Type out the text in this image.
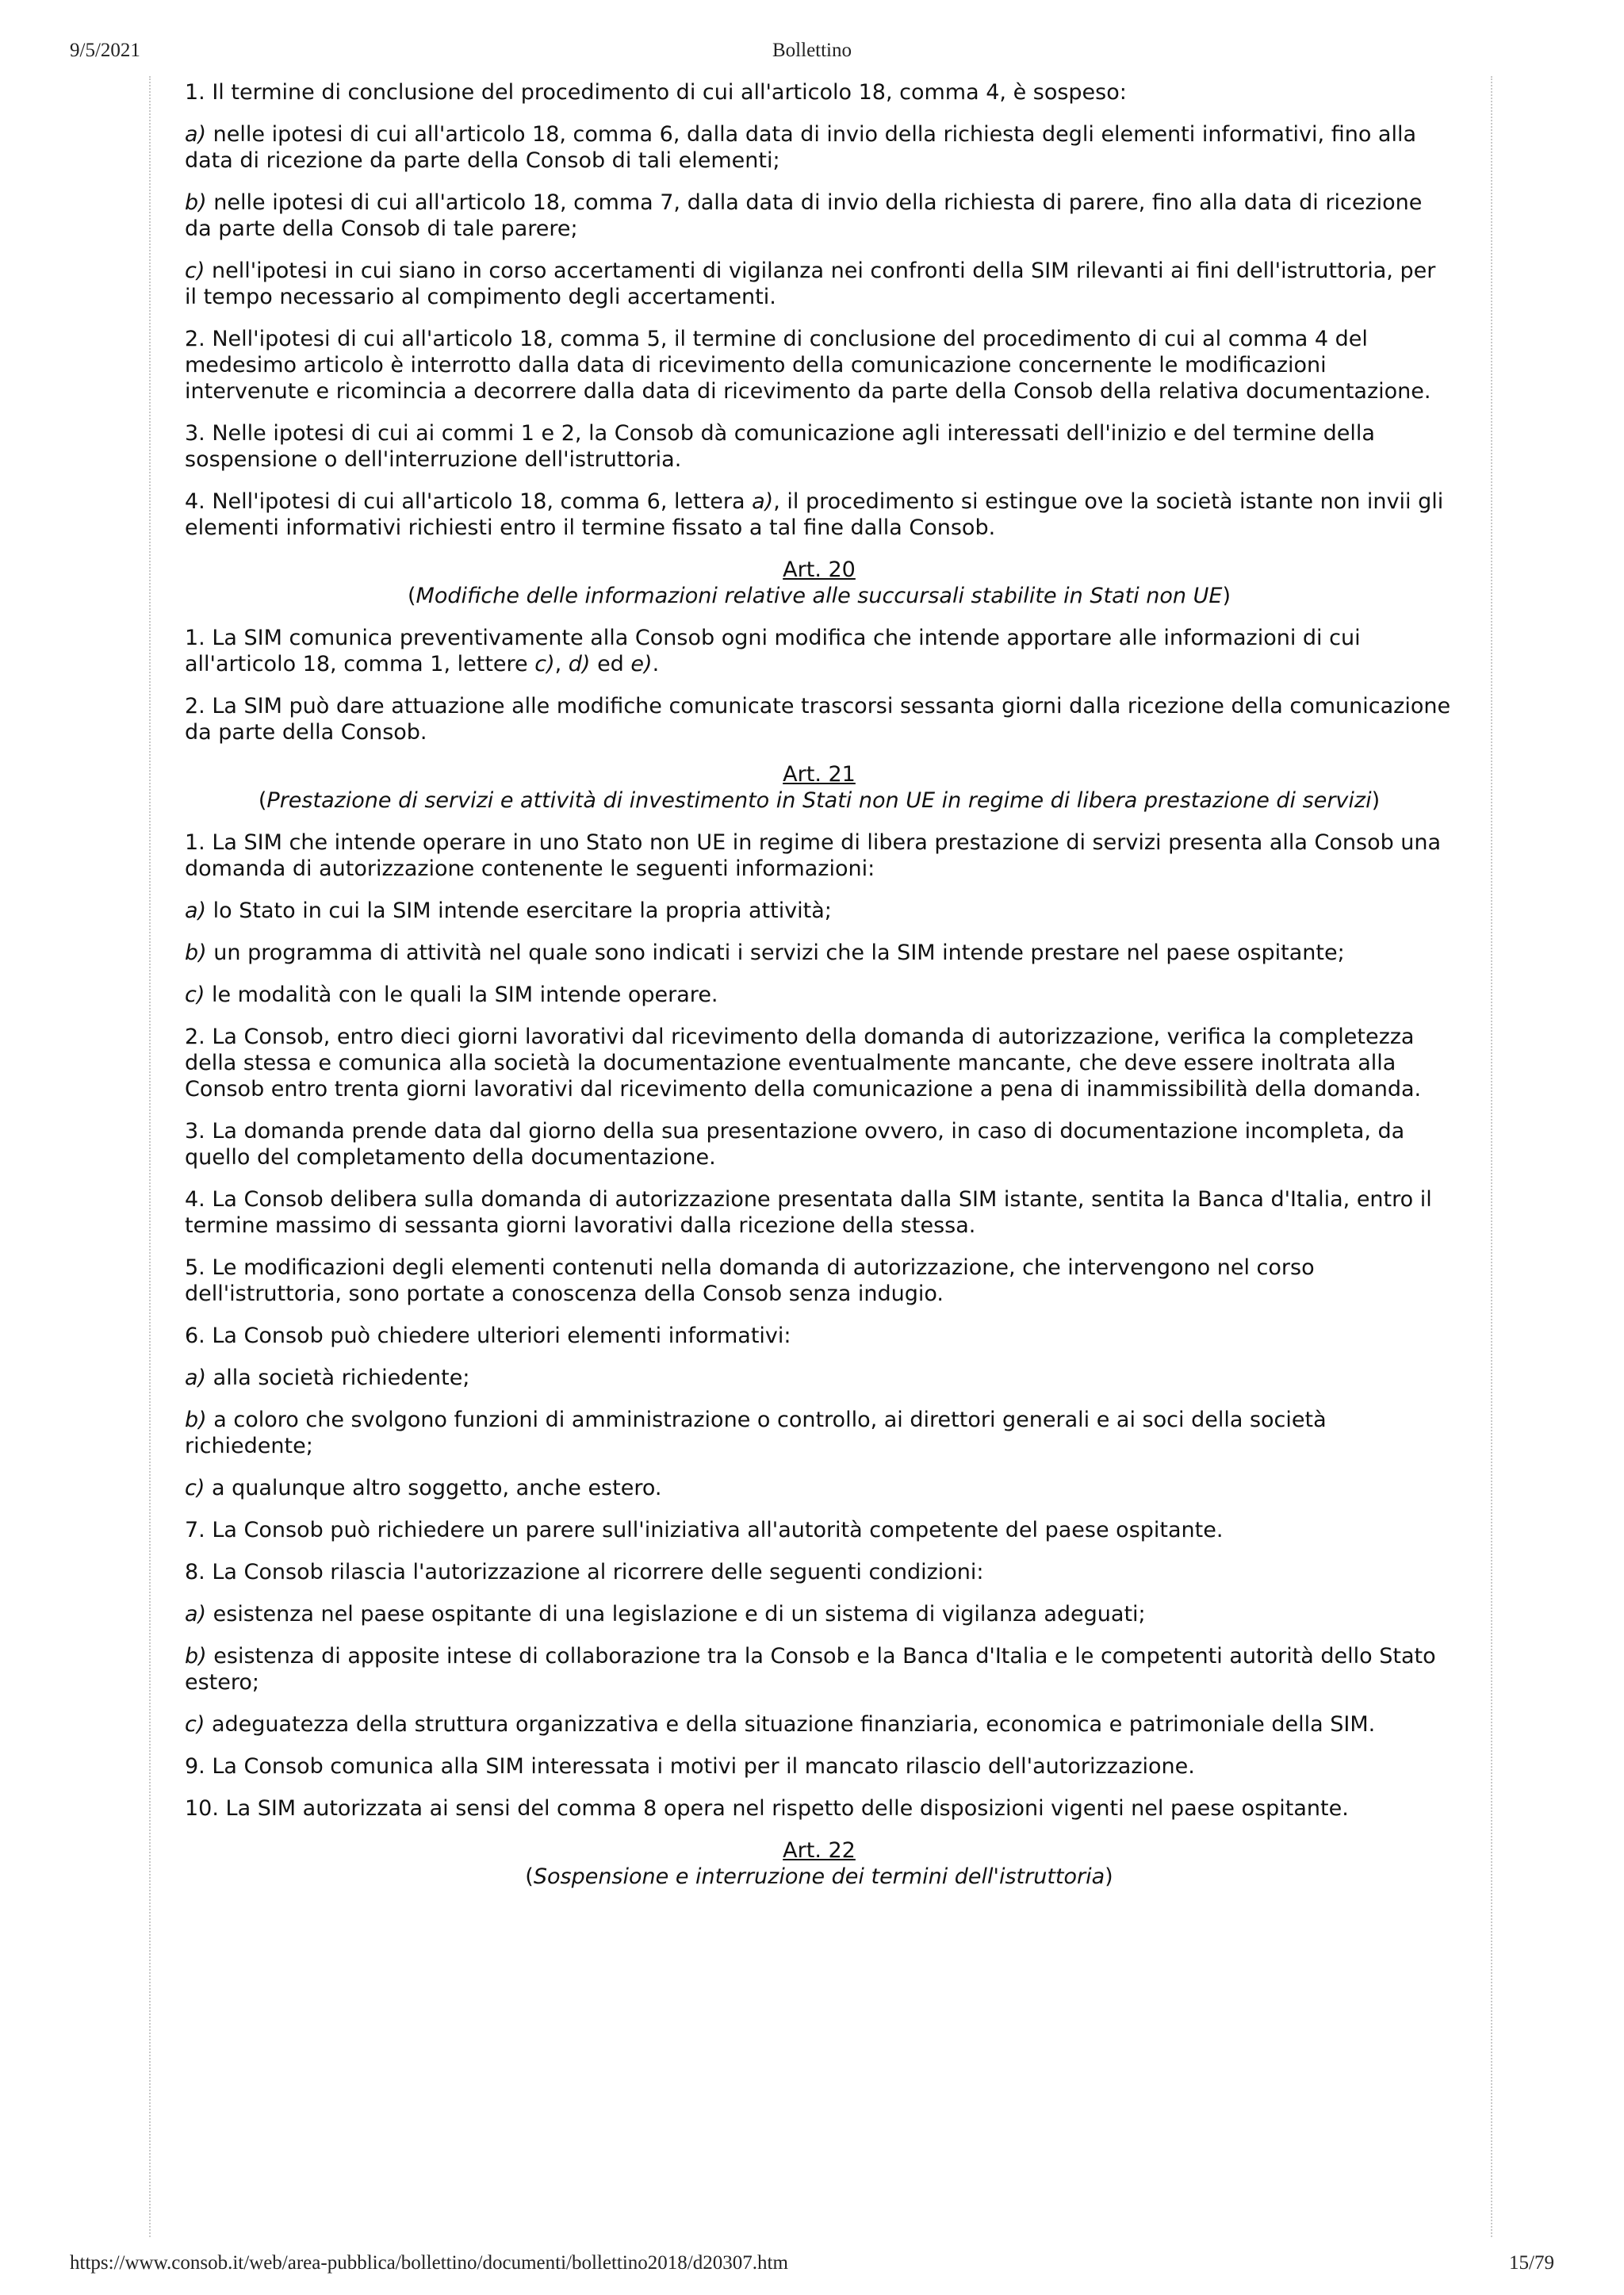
9/5/2021	Bollettino

1. Il termine di conclusione del procedimento di cui all'articolo 18, comma 4, è sospeso:

a) nelle ipotesi di cui all'articolo 18, comma 6, dalla data di invio della richiesta degli elementi informativi, fino alla data di ricezione da parte della Consob di tali elementi;

b) nelle ipotesi di cui all'articolo 18, comma 7, dalla data di invio della richiesta di parere, fino alla data di ricezione da parte della Consob di tale parere;

c) nell'ipotesi in cui siano in corso accertamenti di vigilanza nei confronti della SIM rilevanti ai fini dell'istruttoria, per il tempo necessario al compimento degli accertamenti.

2. Nell'ipotesi di cui all'articolo 18, comma 5, il termine di conclusione del procedimento di cui al comma 4 del medesimo articolo è interrotto dalla data di ricevimento della comunicazione concernente le modificazioni intervenute e ricomincia a decorrere dalla data di ricevimento da parte della Consob della relativa documentazione.

3. Nelle ipotesi di cui ai commi 1 e 2, la Consob dà comunicazione agli interessati dell'inizio e del termine della sospensione o dell'interruzione dell'istruttoria.

4. Nell'ipotesi di cui all'articolo 18, comma 6, lettera a), il procedimento si estingue ove la società istante non invii gli elementi informativi richiesti entro il termine fissato a tal fine dalla Consob.

Art. 20
(Modifiche delle informazioni relative alle succursali stabilite in Stati non UE)

1. La SIM comunica preventivamente alla Consob ogni modifica che intende apportare alle informazioni di cui all'articolo 18, comma 1, lettere c), d) ed e).

2. La SIM può dare attuazione alle modifiche comunicate trascorsi sessanta giorni dalla ricezione della comunicazione da parte della Consob.

Art. 21
(Prestazione di servizi e attività di investimento in Stati non UE in regime di libera prestazione di servizi)

1. La SIM che intende operare in uno Stato non UE in regime di libera prestazione di servizi presenta alla Consob una domanda di autorizzazione contenente le seguenti informazioni:

a) lo Stato in cui la SIM intende esercitare la propria attività;

b) un programma di attività nel quale sono indicati i servizi che la SIM intende prestare nel paese ospitante;

c) le modalità con le quali la SIM intende operare.

2. La Consob, entro dieci giorni lavorativi dal ricevimento della domanda di autorizzazione, verifica la completezza della stessa e comunica alla società la documentazione eventualmente mancante, che deve essere inoltrata alla Consob entro trenta giorni lavorativi dal ricevimento della comunicazione a pena di inammissibilità della domanda.

3. La domanda prende data dal giorno della sua presentazione ovvero, in caso di documentazione incompleta, da quello del completamento della documentazione.

4. La Consob delibera sulla domanda di autorizzazione presentata dalla SIM istante, sentita la Banca d'Italia, entro il termine massimo di sessanta giorni lavorativi dalla ricezione della stessa.

5. Le modificazioni degli elementi contenuti nella domanda di autorizzazione, che intervengono nel corso dell'istruttoria, sono portate a conoscenza della Consob senza indugio.

6. La Consob può chiedere ulteriori elementi informativi:

a) alla società richiedente;

b) a coloro che svolgono funzioni di amministrazione o controllo, ai direttori generali e ai soci della società richiedente;

c) a qualunque altro soggetto, anche estero.

7. La Consob può richiedere un parere sull'iniziativa all'autorità competente del paese ospitante.

8. La Consob rilascia l'autorizzazione al ricorrere delle seguenti condizioni:

a) esistenza nel paese ospitante di una legislazione e di un sistema di vigilanza adeguati;

b) esistenza di apposite intese di collaborazione tra la Consob e la Banca d'Italia e le competenti autorità dello Stato estero;

c) adeguatezza della struttura organizzativa e della situazione finanziaria, economica e patrimoniale della SIM.

9. La Consob comunica alla SIM interessata i motivi per il mancato rilascio dell'autorizzazione.

10. La SIM autorizzata ai sensi del comma 8 opera nel rispetto delle disposizioni vigenti nel paese ospitante.

Art. 22
(Sospensione e interruzione dei termini dell'istruttoria)
https://www.consob.it/web/area-pubblica/bollettino/documenti/bollettino2018/d20307.htm	15/79
